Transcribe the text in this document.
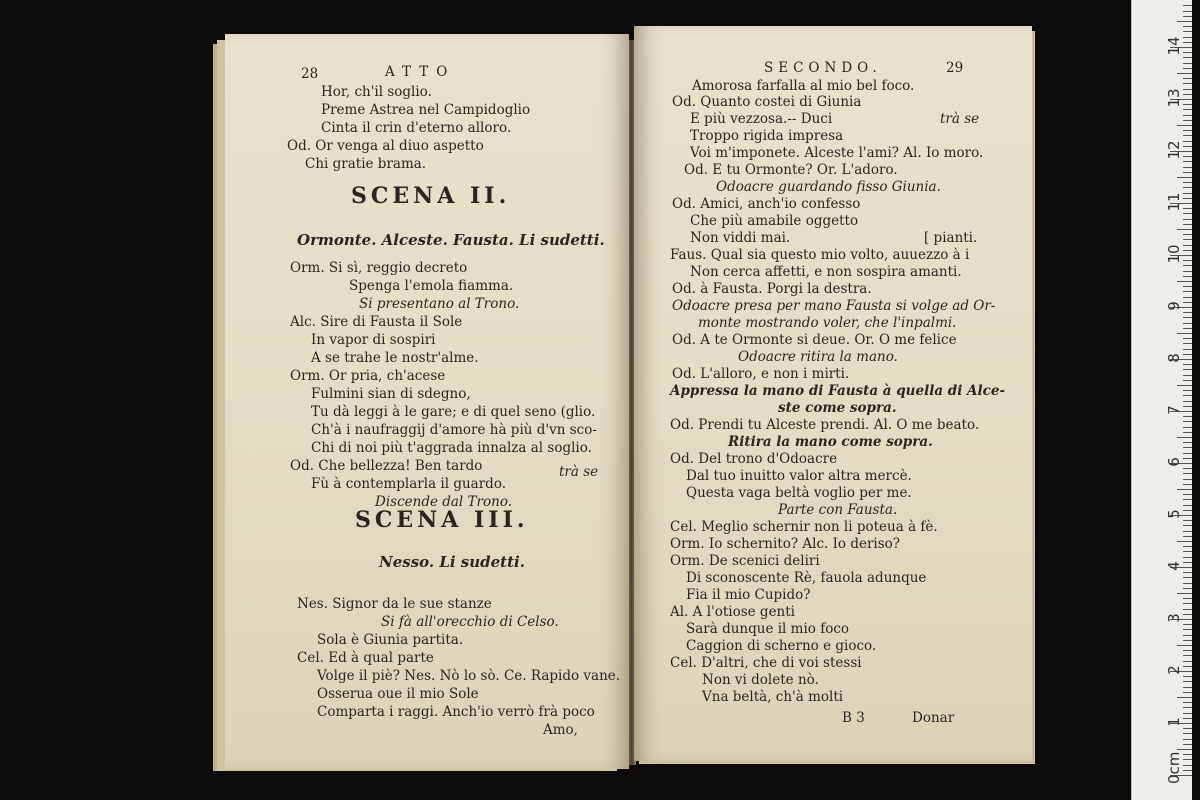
28	ATTO
Hor, ch'il soglio.
Preme Astrea nel Campidoglio
Cinta il crin d'eterno alloro.
Od. Or venga al diuo aspetto
Chi gratie brama.
SCENA II.
Ormonte. Alceste. Fausta. Li sudetti.
Orm. Si sì, reggio decreto
Spenga l'emola fiamma.
Si presentano al Trono.
Alc. Sire di Fausta il Sole
In vapor di sospiri
A se trahe le nostr'alme.
Orm. Or pria, ch'acese
Fulmini sian di sdegno,
Tu dà leggi à le gare; e di quel seno (glio.
Ch'à i naufraggij d'amore hà più d'vn sco-
Chi di noi più t'aggrada innalza al soglio.
Od. Che bellezza! Ben tardo
Fù à contemplarla il guardo.
trà se
Discende dal Trono.
SCENA III.
Nesso. Li sudetti.
Nes. Signor da le sue stanze
Si fà all'orecchio di Celso.
Sola è Giunia partita.
Cel. Ed à qual parte
Volge il piè? Nes. Nò lo sò. Ce. Rapido vane.
Osserua oue il mio Sole
Comparta i raggi. Anch'io verrò frà poco
Amo,
SECONDO.	29
Amorosa farfalla al mio bel foco.
Od. Quanto costei di Giunia
E più vezzosa.-- Duci	trà se
Troppo rigida impresa
Voi m'imponete. Alceste l'ami? Al. Io moro.
Od. E tu Ormonte? Or. L'adoro.
Odoacre guardando fisso Giunia.
Od. Amici, anch'io confesso
Che più amabile oggetto
Non viddi mai.	[ pianti.
Faus. Qual sia questo mio volto, auuezzo à i
Non cerca affetti, e non sospira amanti.
Od. à Fausta. Porgi la destra.
Odoacre presa per mano Fausta si volge ad Or-
monte mostrando voler, che l'inpalmi.
Od. A te Ormonte si deue. Or. O me felice
Odoacre ritira la mano.
Od. L'alloro, e non i mirti.
Appressa la mano di Fausta à quella di Alce-
ste come sopra.
Od. Prendi tu Alceste prendi. Al. O me beato.
Ritira la mano come sopra.
Od. Del trono d'Odoacre
Dal tuo inuitto valor altra mercè.
Questa vaga beltà voglio per me.
Parte con Fausta.
Cel. Meglio schernir non li poteua à fè.
Orm. Io schernito? Alc. Io deriso?
Orm. De scenici deliri
Di sconoscente Rè, fauola adunque
Fia il mio Cupido?
Al. A l'otiose genti
Sarà dunque il mio foco
Caggion di scherno e gioco.
Cel. D'altri, che di voi stessi
Non vi dolete nò.
Vna beltà, ch'à molti
B 3	Donar
0cm
1
2
3
4
5
6
7
8
9
10
11
12
13
14
